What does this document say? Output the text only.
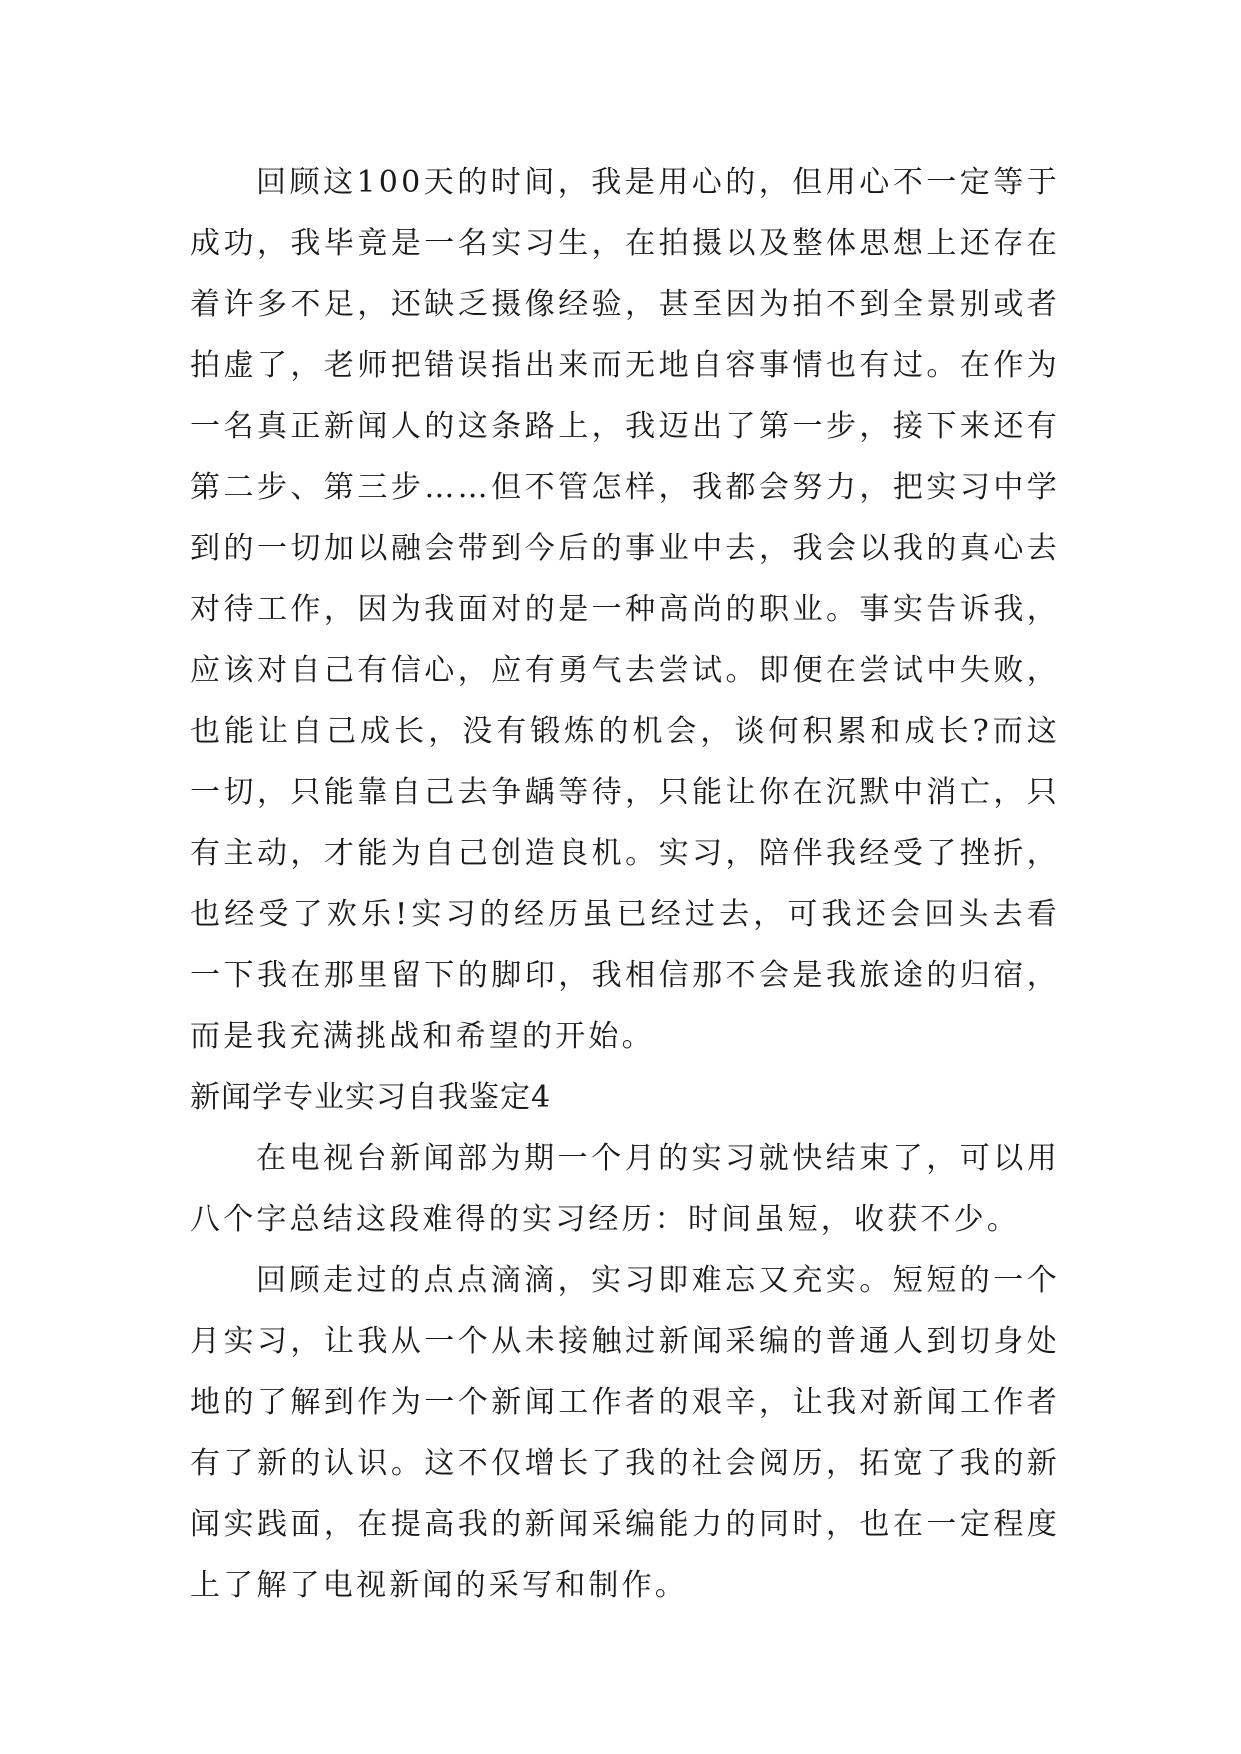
回顾这100天的时间，我是用心的，但用心不一定等于成功，我毕竟是一名实习生，在拍摄以及整体思想上还存在着许多不足，还缺乏摄像经验，甚至因为拍不到全景别或者拍虚了，老师把错误指出来而无地自容事情也有过。在作为一名真正新闻人的这条路上，我迈出了第一步，接下来还有第二步、第三步……但不管怎样，我都会努力，把实习中学到的一切加以融会带到今后的事业中去，我会以我的真心去对待工作，因为我面对的是一种高尚的职业。事实告诉我，应该对自己有信心，应有勇气去尝试。即便在尝试中失败，也能让自己成长，没有锻炼的机会，谈何积累和成长?而这一切，只能靠自己去争龋等待，只能让你在沉默中消亡，只有主动，才能为自己创造良机。实习，陪伴我经受了挫折，也经受了欢乐!实习的经历虽已经过去，可我还会回头去看一下我在那里留下的脚印，我相信那不会是我旅途的归宿，而是我充满挑战和希望的开始。

新闻学专业实习自我鉴定4

在电视台新闻部为期一个月的实习就快结束了，可以用八个字总结这段难得的实习经历：时间虽短，收获不少。

回顾走过的点点滴滴，实习即难忘又充实。短短的一个月实习，让我从一个从未接触过新闻采编的普通人到切身处地的了解到作为一个新闻工作者的艰辛，让我对新闻工作者有了新的认识。这不仅增长了我的社会阅历，拓宽了我的新闻实践面，在提高我的新闻采编能力的同时，也在一定程度上了解了电视新闻的采写和制作。
